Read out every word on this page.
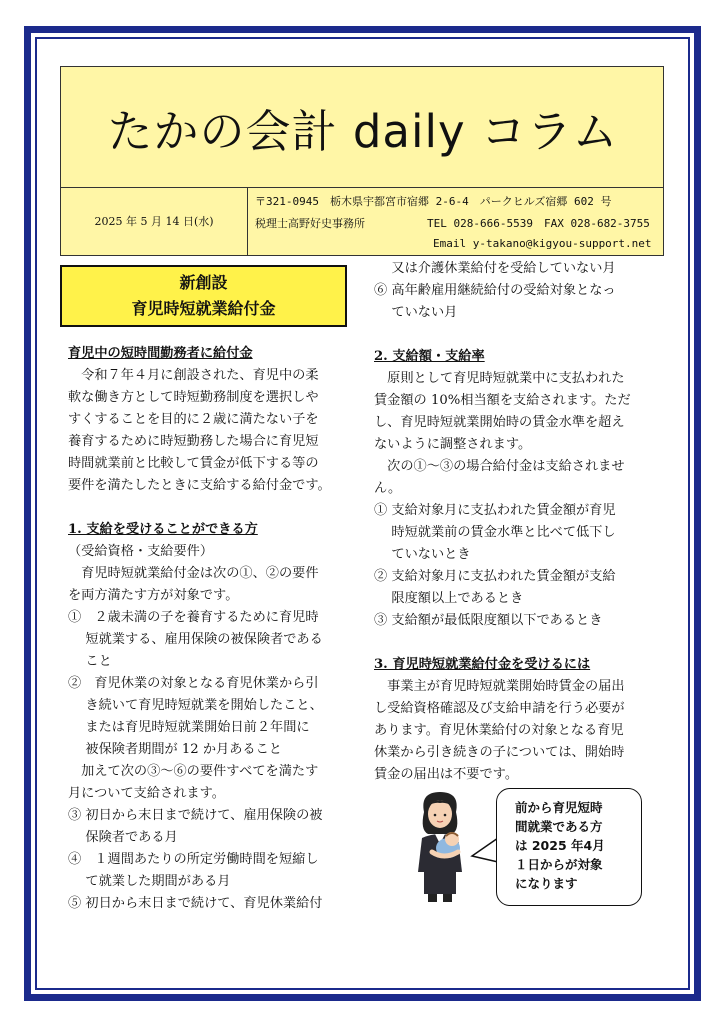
たかの会計 daily コラム
2025 年 5 月 14 日(水)
〒321-0945　栃木県宇都宮市宿郷 2-6-4　パークヒルズ宿郷 602 号
税理士高野好史事務所	TEL 028-666-5539　FAX 028-682-3755
Email y-takano@kigyou-support.net
新創設
育児時短就業給付金

育児中の短時間勤務者に給付金

　令和７年４月に創設された、育児中の柔

軟な働き方として時短勤務制度を選択しや

すくすることを目的に２歳に満たない子を

養育するために時短勤務した場合に育児短

時間就業前と比較して賃金が低下する等の

要件を満たしたときに支給する給付金です。

1. 支給を受けることができる方

（受給資格・支給要件）

　育児時短就業給付金は次の①、②の要件

を両方満たす方が対象です。

①　２歳未満の子を養育するために育児時

　 短就業する、雇用保険の被保険者である

　 こと

②　育児休業の対象となる育児休業から引

　 き続いて育児時短就業を開始したこと、

　 または育児時短就業開始日前２年間に

　 被保険者期間が 12 か月あること

　加えて次の③～⑥の要件すべてを満たす

月について支給されます。

③ 初日から末日まで続けて、雇用保険の被

　 保険者である月

④　１週間あたりの所定労働時間を短縮し

　 て就業した期間がある月

⑤ 初日から末日まで続けて、育児休業給付

　 又は介護休業給付を受給していない月

⑥ 高年齢雇用継続給付の受給対象となっ

　 ていない月

2. 支給額・支給率

　原則として育児時短就業中に支払われた

賃金額の 10%相当額を支給されます。ただ

し、育児時短就業開始時の賃金水準を超え

ないように調整されます。

　次の①～③の場合給付金は支給されませ

ん。

① 支給対象月に支払われた賃金額が育児

　 時短就業前の賃金水準と比べて低下し

　 ていないとき

② 支給対象月に支払われた賃金額が支給

　 限度額以上であるとき

③ 支給額が最低限度額以下であるとき

3. 育児時短就業給付金を受けるには

　事業主が育児時短就業開始時賃金の届出

し受給資格確認及び支給申請を行う必要が

あります。育児休業給付の対象となる育児

休業から引き続きの子については、開始時

賃金の届出は不要です。

前から育児短時

間就業である方

は 2025 年4月

１日からが対象

になります
